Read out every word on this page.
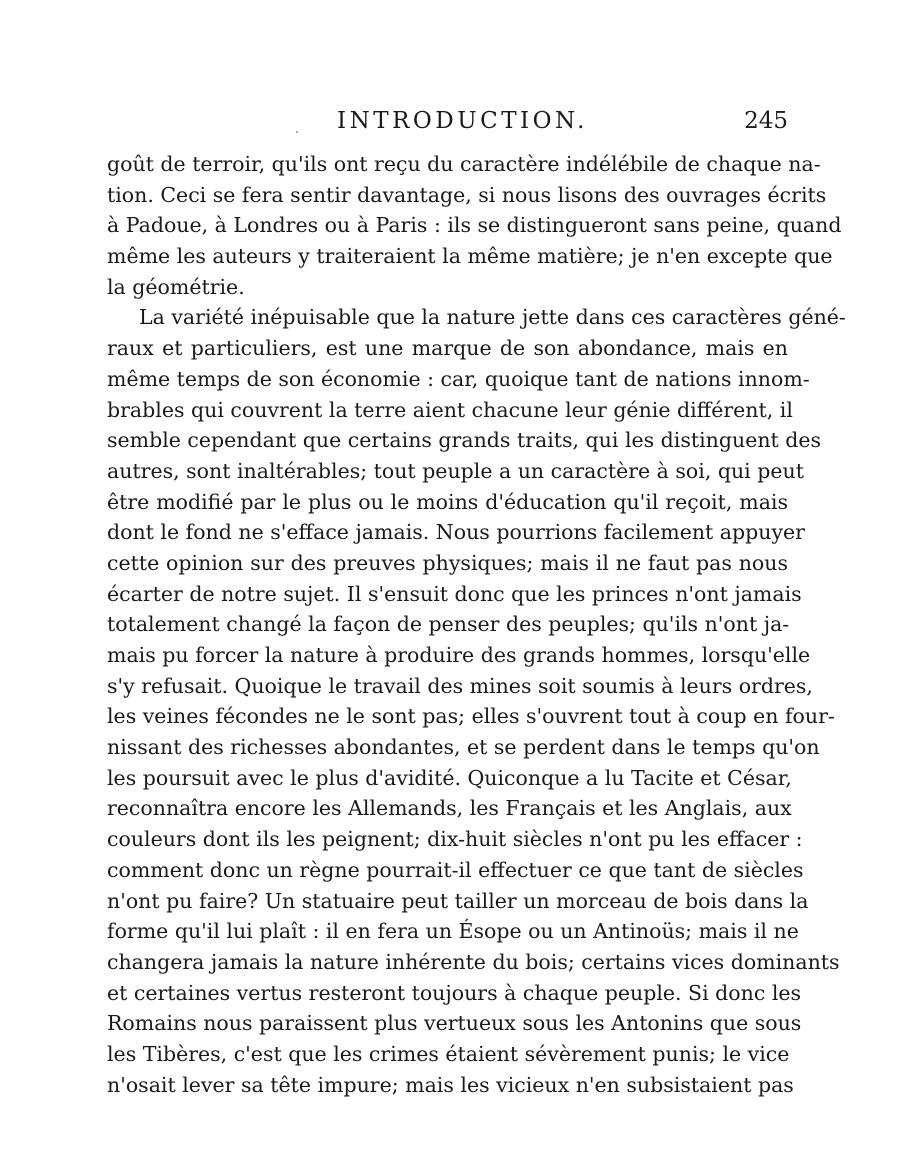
.	INTRODUCTION.	245
goût de terroir, qu'ils ont reçu du caractère indélébile de chaque na-
tion. Ceci se fera sentir davantage, si nous lisons des ouvrages écrits
à Padoue, à Londres ou à Paris : ils se distingueront sans peine, quand
même les auteurs y traiteraient la même matière; je n'en excepte que
la géométrie.
La variété inépuisable que la nature jette dans ces caractères géné-
raux et particuliers, est une marque de son abondance, mais en
même temps de son économie : car, quoique tant de nations innom-
brables qui couvrent la terre aient chacune leur génie différent, il
semble cependant que certains grands traits, qui les distinguent des
autres, sont inaltérables; tout peuple a un caractère à soi, qui peut
être modifié par le plus ou le moins d'éducation qu'il reçoit, mais
dont le fond ne s'efface jamais. Nous pourrions facilement appuyer
cette opinion sur des preuves physiques; mais il ne faut pas nous
écarter de notre sujet. Il s'ensuit donc que les princes n'ont jamais
totalement changé la façon de penser des peuples; qu'ils n'ont ja-
mais pu forcer la nature à produire des grands hommes, lorsqu'elle
s'y refusait. Quoique le travail des mines soit soumis à leurs ordres,
les veines fécondes ne le sont pas; elles s'ouvrent tout à coup en four-
nissant des richesses abondantes, et se perdent dans le temps qu'on
les poursuit avec le plus d'avidité. Quiconque a lu Tacite et César,
reconnaîtra encore les Allemands, les Français et les Anglais, aux
couleurs dont ils les peignent; dix-huit siècles n'ont pu les effacer :
comment donc un règne pourrait-il effectuer ce que tant de siècles
n'ont pu faire? Un statuaire peut tailler un morceau de bois dans la
forme qu'il lui plaît : il en fera un Ésope ou un Antinoüs; mais il ne
changera jamais la nature inhérente du bois; certains vices dominants
et certaines vertus resteront toujours à chaque peuple. Si donc les
Romains nous paraissent plus vertueux sous les Antonins que sous
les Tibères, c'est que les crimes étaient sévèrement punis; le vice
n'osait lever sa tête impure; mais les vicieux n'en subsistaient pas
